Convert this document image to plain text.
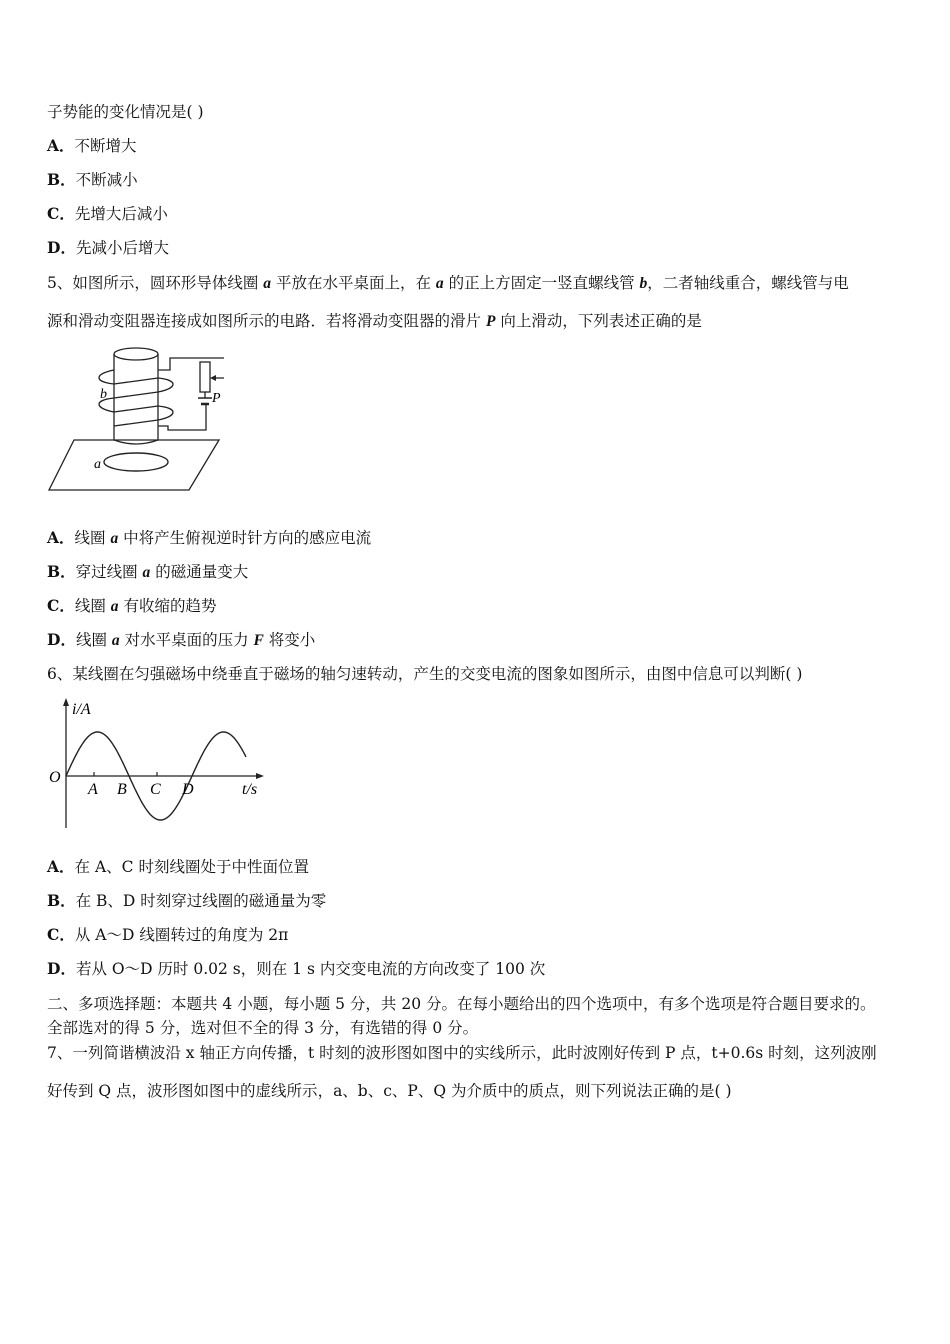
子势能的变化情况是( )
A．不断增大
B．不断减小
C．先增大后减小
D．先减小后增大
5、如图所示，圆环形导体线圈 a 平放在水平桌面上，在 a 的正上方固定一竖直螺线管 b，二者轴线重合，螺线管与电
源和滑动变阻器连接成如图所示的电路．若将滑动变阻器的滑片 P 向上滑动，下列表述正确的是
b	P
a
A．线圈 a 中将产生俯视逆时针方向的感应电流
B．穿过线圈 a 的磁通量变大
C．线圈 a 有收缩的趋势
D．线圈 a 对水平桌面的压力 F 将变小
6、某线圈在匀强磁场中绕垂直于磁场的轴匀速转动，产生的交变电流的图象如图所示，由图中信息可以判断( )
i/A
t/s
O
A B C D
A．在 A、C 时刻线圈处于中性面位置
B．在 B、D 时刻穿过线圈的磁通量为零
C．从 A～D 线圈转过的角度为 2π
D．若从 O～D 历时 0.02 s，则在 1 s 内交变电流的方向改变了 100 次
二、多项选择题：本题共 4 小题，每小题 5 分，共 20 分。在每小题给出的四个选项中，有多个选项是符合题目要求的。
全部选对的得 5 分，选对但不全的得 3 分，有选错的得 0 分。
7、一列简谐横波沿 x 轴正方向传播，t 时刻的波形图如图中的实线所示，此时波刚好传到 P 点，t+0.6s 时刻，这列波刚
好传到 Q 点，波形图如图中的虚线所示，a、b、c、P、Q 为介质中的质点，则下列说法正确的是( )
